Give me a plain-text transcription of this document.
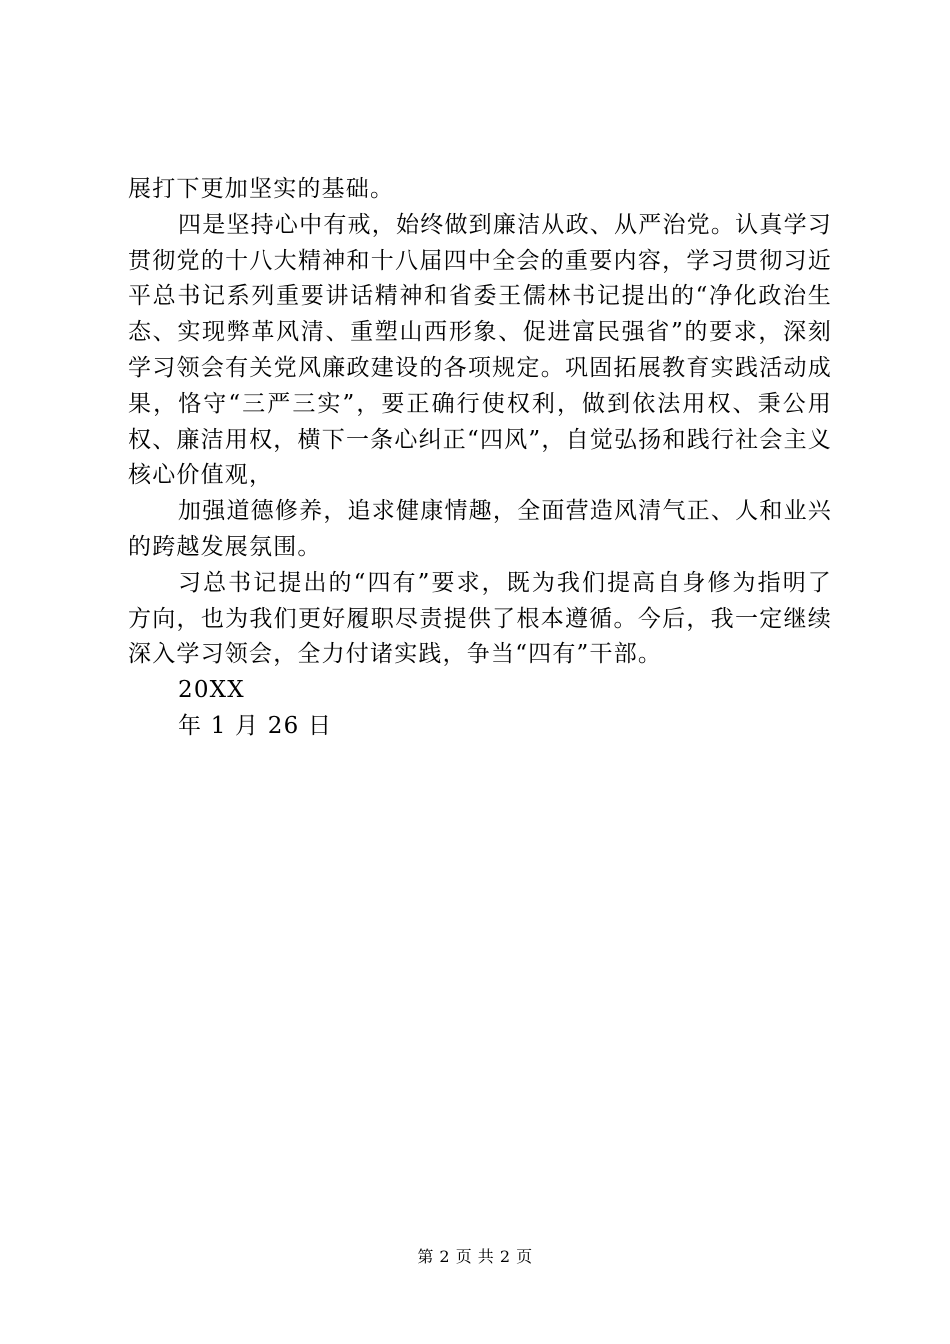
展打下更加坚实的基础。

四是坚持心中有戒，始终做到廉洁从政、从严治党。认真学习贯彻党的十八大精神和十八届四中全会的重要内容，学习贯彻习近平总书记系列重要讲话精神和省委王儒林书记提出的“净化政治生态、实现弊革风清、重塑山西形象、促进富民强省”的要求，深刻学习领会有关党风廉政建设的各项规定。巩固拓展教育实践活动成果，恪守“三严三实”，要正确行使权利，做到依法用权、秉公用权、廉洁用权，横下一条心纠正“四风”，自觉弘扬和践行社会主义核心价值观，

加强道德修养，追求健康情趣，全面营造风清气正、人和业兴的跨越发展氛围。

习总书记提出的“四有”要求，既为我们提高自身修为指明了方向，也为我们更好履职尽责提供了根本遵循。今后，我一定继续深入学习领会，全力付诸实践，争当“四有”干部。

20XX

年 1 月 26 日

第 2 页 共 2 页
